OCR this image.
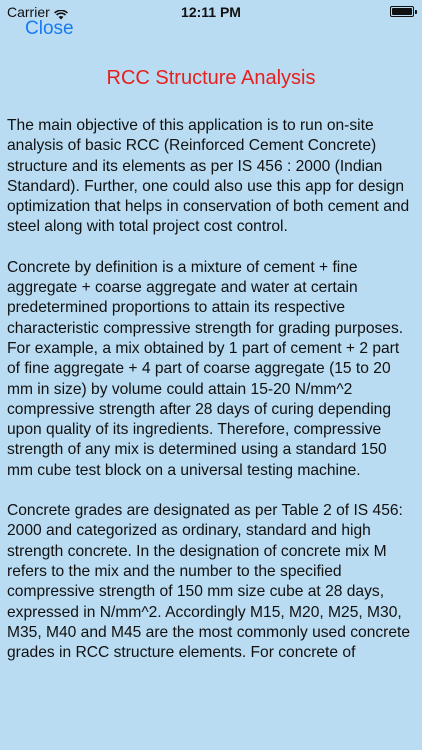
Carrier	12:11 PM
Close
RCC Structure Analysis

The main objective of this application is to run on-site analysis of basic RCC (Reinforced Cement Concrete) structure and its elements as per IS 456 : 2000 (Indian Standard). Further, one could also use this app for design optimization that helps in conservation of both cement and steel along with total project cost control.

Concrete by definition is a mixture of cement + fine aggregate + coarse aggregate and water at certain predetermined proportions to attain its respective characteristic compressive strength for grading purposes. For example, a mix obtained by 1 part of cement + 2 part of fine aggregate + 4 part of coarse aggregate (15 to 20 mm in size) by volume could attain 15-20 N/mm^2 compressive strength after 28 days of curing depending upon quality of its ingredients. Therefore, compressive strength of any mix is determined using a standard 150 mm cube test block on a universal testing machine.

Concrete grades are designated as per Table 2 of IS 456: 2000 and categorized as ordinary, standard and high strength concrete. In the designation of concrete mix M refers to the mix and the number to the specified compressive strength of 150 mm size cube at 28 days, expressed in N/mm^2. Accordingly M15, M20, M25, M30, M35, M40 and M45 are the most commonly used concrete grades in RCC structure elements. For concrete of
